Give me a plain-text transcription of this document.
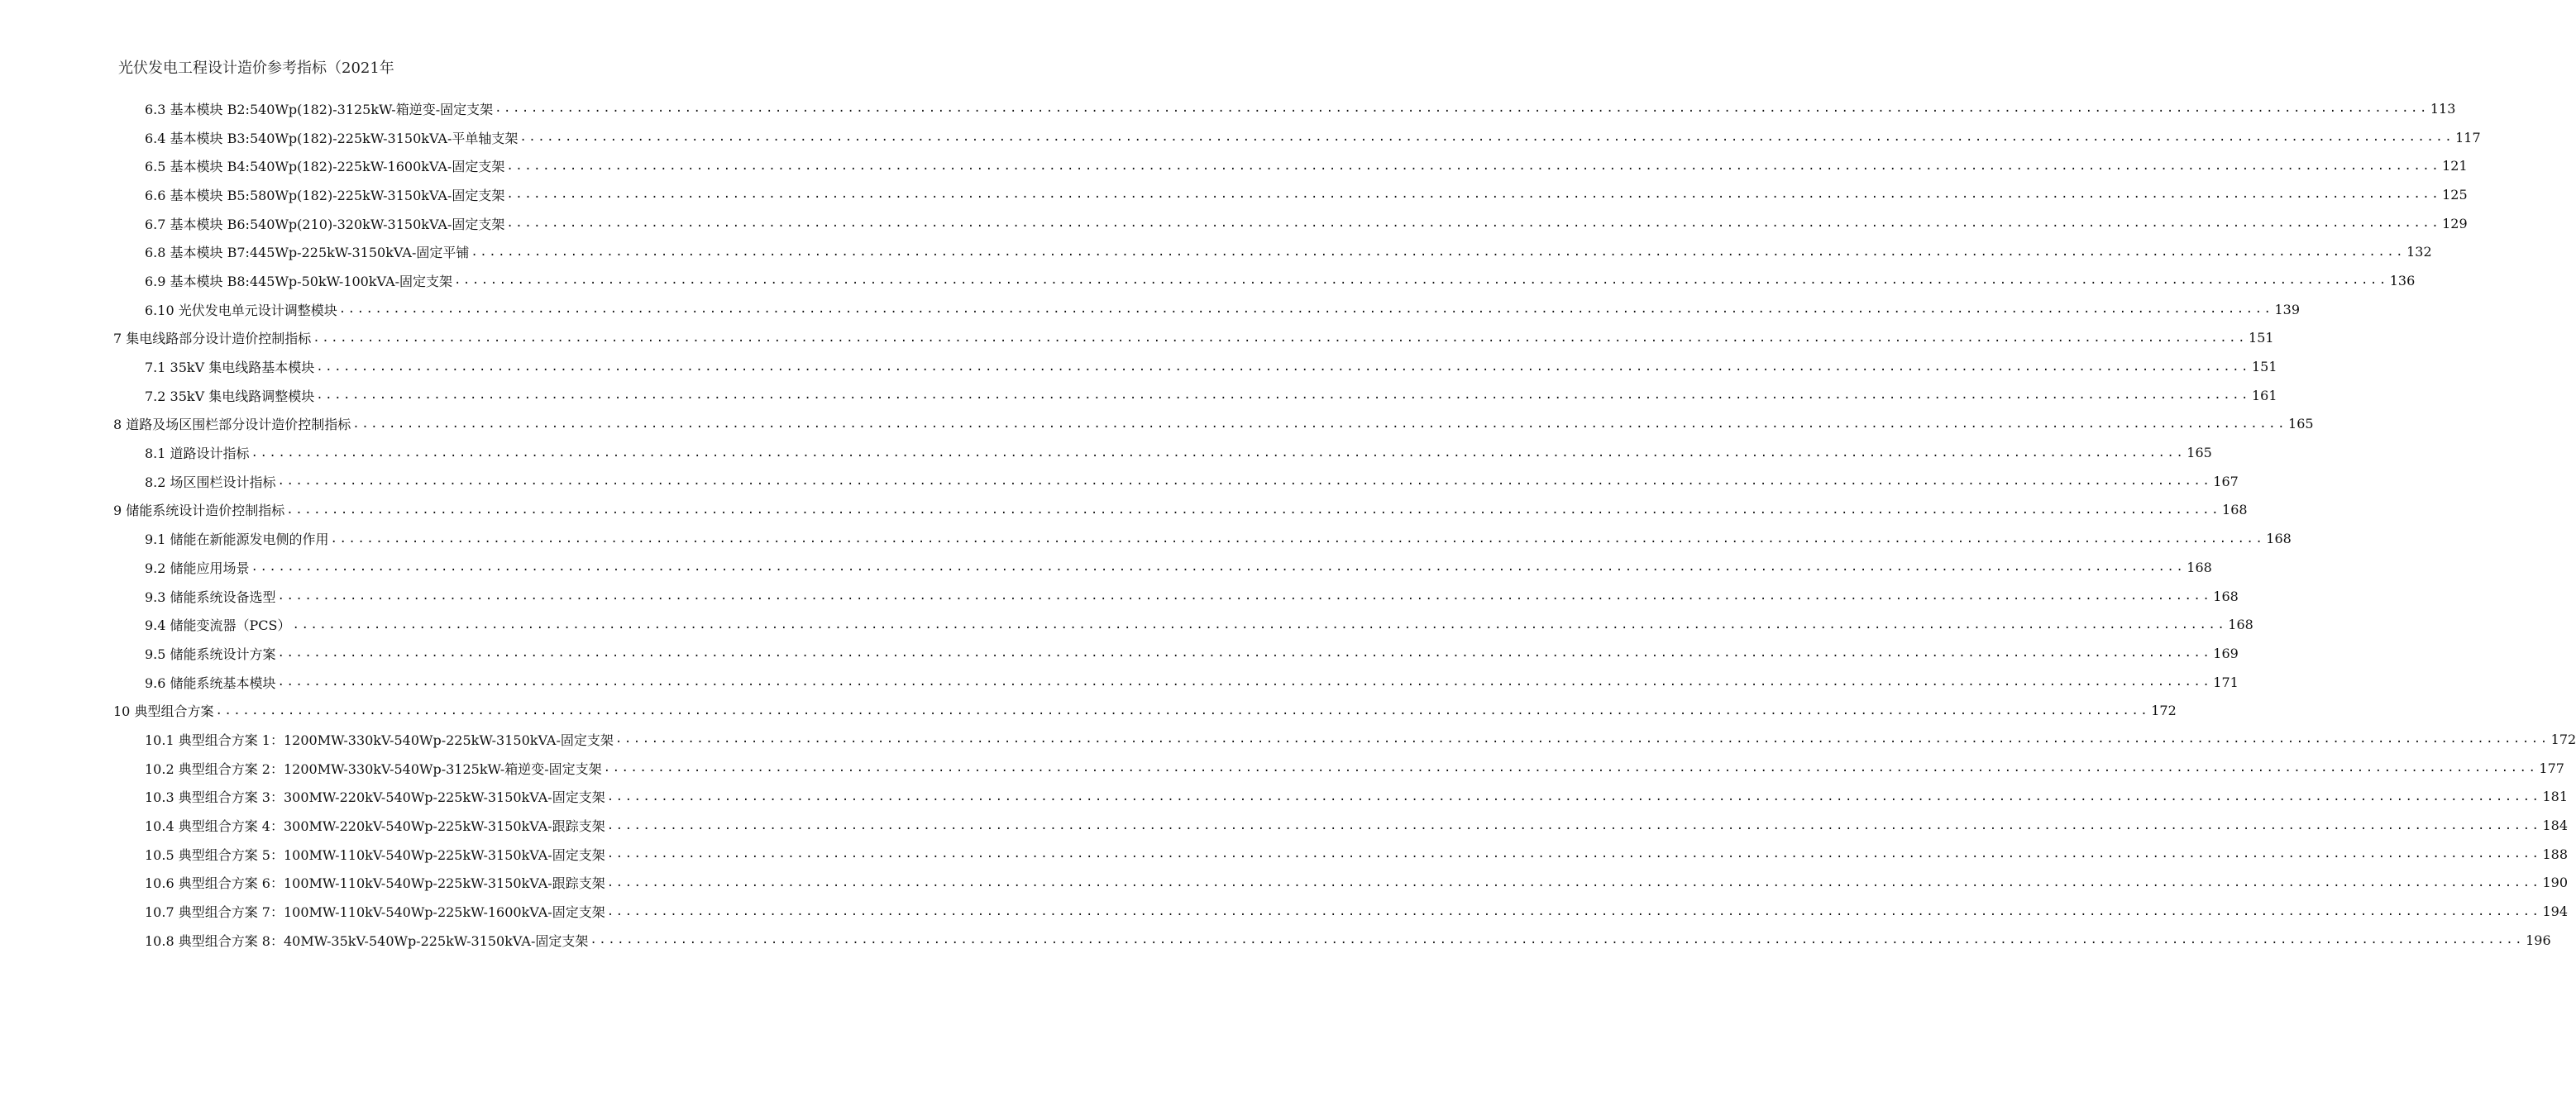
光伏发电工程设计造价参考指标（2021年
6.3 基本模块 B2:540Wp(182)-3125kW-箱逆变-固定支架 .....	113
6.4 基本模块 B3:540Wp(182)-225kW-3150kVA-平单轴支架 .....	117
6.5 基本模块 B4:540Wp(182)-225kW-1600kVA-固定支架 .....	121
6.6 基本模块 B5:580Wp(182)-225kW-3150kVA-固定支架 .....	125
6.7 基本模块 B6:540Wp(210)-320kW-3150kVA-固定支架 .....	129
6.8 基本模块 B7:445Wp-225kW-3150kVA-固定平铺 .....	132
6.9 基本模块 B8:445Wp-50kW-100kVA-固定支架 .....	136
6.10 光伏发电单元设计调整模块 .....	139
7 集电线路部分设计造价控制指标 .....	151
7.1 35kV 集电线路基本模块 .....	151
7.2 35kV 集电线路调整模块 .....	161
8 道路及场区围栏部分设计造价控制指标 .....	165
8.1 道路设计指标 .....	165
8.2 场区围栏设计指标 .....	167
9 储能系统设计造价控制指标 .....	168
9.1 储能在新能源发电侧的作用 .....	168
9.2 储能应用场景 .....	168
9.3 储能系统设备选型 .....	168
9.4 储能变流器（PCS） .....	168
9.5 储能系统设计方案 .....	169
9.6 储能系统基本模块 .....	171
10 典型组合方案 .....	172
10.1 典型组合方案 1：1200MW-330kV-540Wp-225kW-3150kVA-固定支架 .....	172
10.2 典型组合方案 2：1200MW-330kV-540Wp-3125kW-箱逆变-固定支架 .....	177
10.3 典型组合方案 3：300MW-220kV-540Wp-225kW-3150kVA-固定支架 .....	181
10.4 典型组合方案 4：300MW-220kV-540Wp-225kW-3150kVA-跟踪支架 .....	184
10.5 典型组合方案 5：100MW-110kV-540Wp-225kW-3150kVA-固定支架 .....	188
10.6 典型组合方案 6：100MW-110kV-540Wp-225kW-3150kVA-跟踪支架 .....	190
10.7 典型组合方案 7：100MW-110kV-540Wp-225kW-1600kVA-固定支架 .....	194
10.8 典型组合方案 8：40MW-35kV-540Wp-225kW-3150kVA-固定支架 .....	196
